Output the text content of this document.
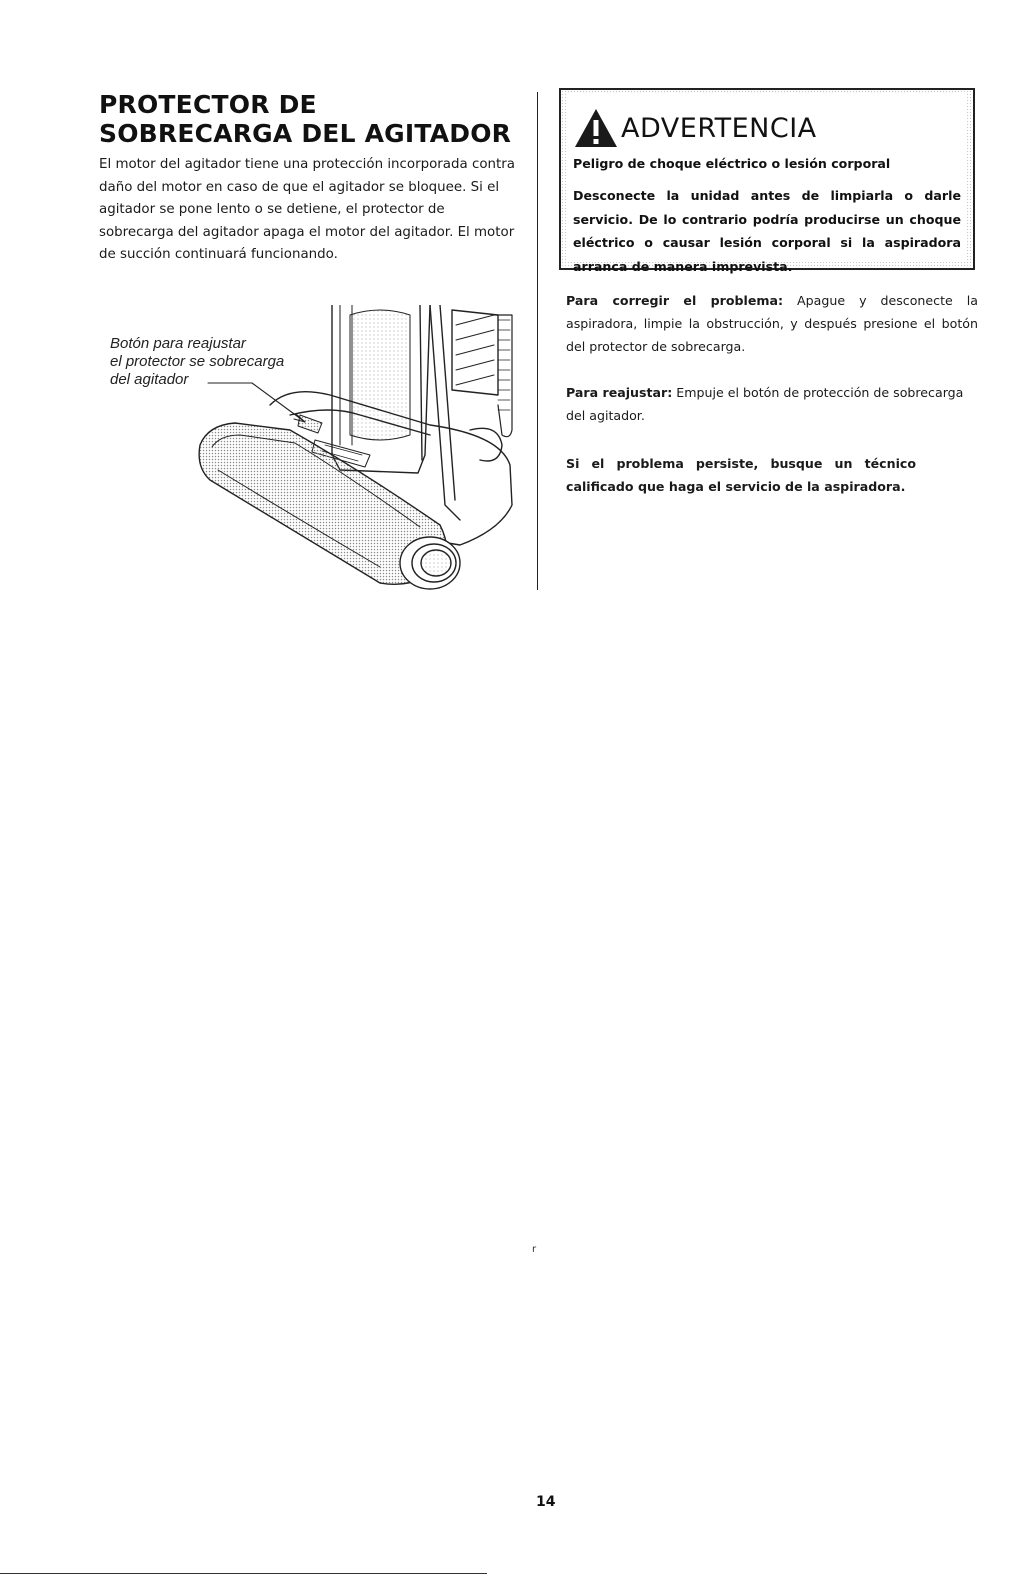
PROTECTOR DE SOBRECARGA DEL AGITADOR

El motor del agitador tiene una protección incorporada contra daño del motor en caso de que el agitador se bloquee. Si el agitador se pone lento o se detiene, el protector de sobrecarga del agitador apaga el motor del agitador. El motor de succión continuará funcionando.

Botón para reajustar
el protector se sobrecarga
del agitador
ADVERTENCIA
Peligro de choque eléctrico o lesión corporal

Desconecte la unidad antes de limpiarla o darle servicio. De lo contrario podría producirse un choque eléctrico o causar lesión corporal si la aspiradora arranca de manera imprevista.

Para corregir el problema: Apague y desconecte la aspiradora, limpie la obstrucción, y después presione el botón del protector de sobrecarga.

Para reajustar: Empuje el botón de protección de sobrecarga del agitador.

Si el problema persiste, busque un técnico calificado que haga el servicio de la aspiradora.

r
14
